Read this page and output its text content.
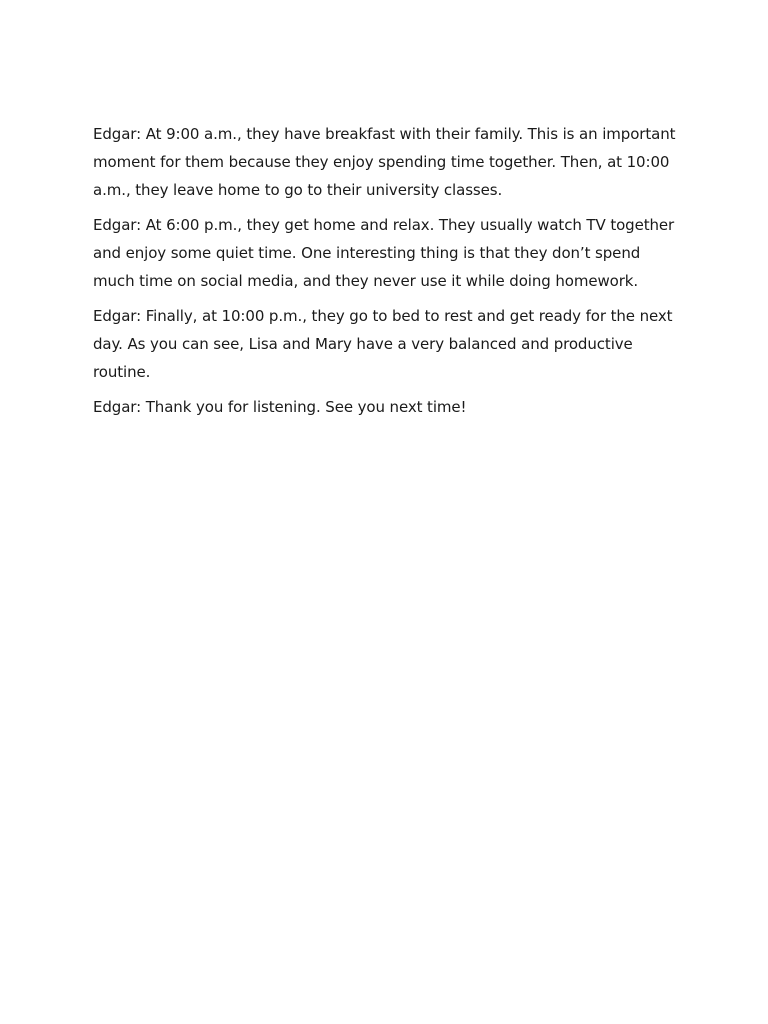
Edgar: At 9:00 a.m., they have breakfast with their family. This is an important moment for them because they enjoy spending time together. Then, at 10:00 a.m., they leave home to go to their university classes.

Edgar: At 6:00 p.m., they get home and relax. They usually watch TV together and enjoy some quiet time. One interesting thing is that they don’t spend much time on social media, and they never use it while doing homework.

Edgar: Finally, at 10:00 p.m., they go to bed to rest and get ready for the next day. As you can see, Lisa and Mary have a very balanced and productive routine.

Edgar: Thank you for listening. See you next time!
